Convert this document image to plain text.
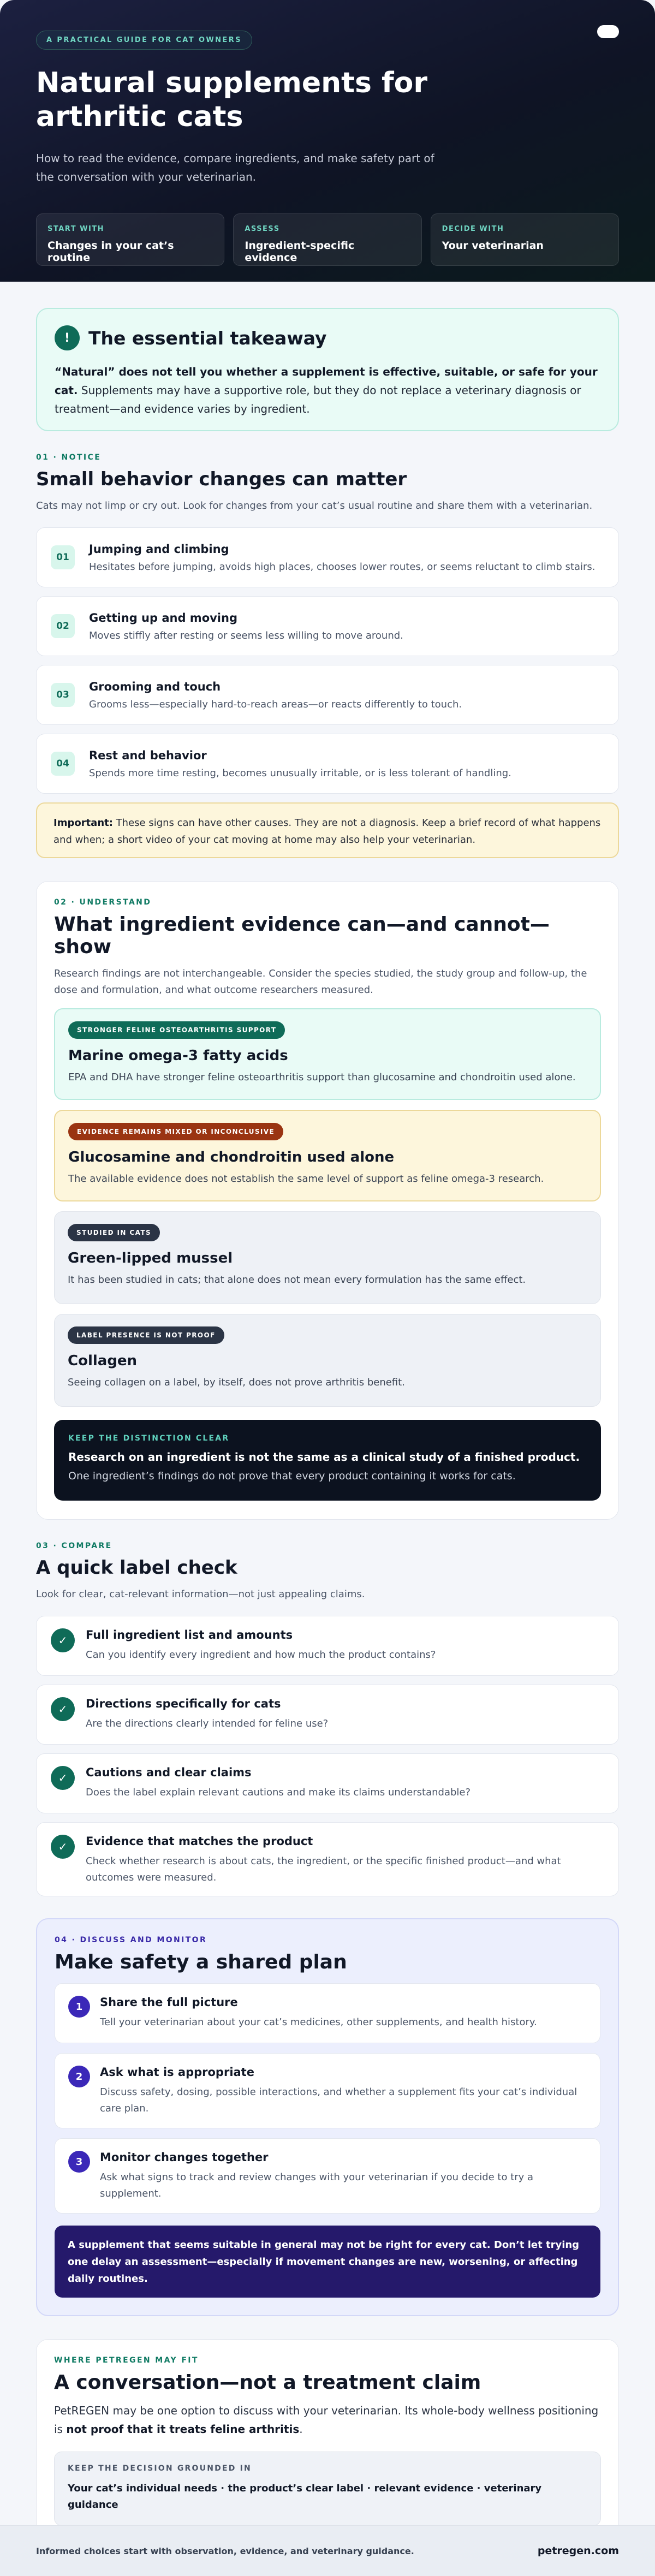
A PRACTICAL GUIDE FOR CAT OWNERS
Natural supplements for arthritic cats

How to read the evidence, compare ingredients, and make safety part of the conversation with your veterinarian.

START WITH
Changes in your cat’s routine
ASSESS
Ingredient-specific evidence
DECIDE WITH
Your veterinarian
!	The essential takeaway

“Natural” does not tell you whether a supplement is effective, suitable, or safe for your cat. Supplements may have a supportive role, but they do not replace a veterinary diagnosis or treatment—and evidence varies by ingredient.

01 · NOTICE
Small behavior changes can matter

Cats may not limp or cry out. Look for changes from your cat’s usual routine and share them with a veterinarian.

01
Jumping and climbing
Hesitates before jumping, avoids high places, chooses lower routes, or seems reluctant to climb stairs.
02
Getting up and moving
Moves stiffly after resting or seems less willing to move around.
03
Grooming and touch
Grooms less—especially hard-to-reach areas—or reacts differently to touch.
04
Rest and behavior
Spends more time resting, becomes unusually irritable, or is less tolerant of handling.
Important: These signs can have other causes. They are not a diagnosis. Keep a brief record of what happens and when; a short video of your cat moving at home may also help your veterinarian.
02 · UNDERSTAND
What ingredient evidence can—and cannot—show

Research findings are not interchangeable. Consider the species studied, the study group and follow-up, the dose and formulation, and what outcome researchers measured.

STRONGER FELINE OSTEOARTHRITIS SUPPORT
Marine omega-3 fatty acids
EPA and DHA have stronger feline osteoarthritis support than glucosamine and chondroitin used alone.
EVIDENCE REMAINS MIXED OR INCONCLUSIVE
Glucosamine and chondroitin used alone
The available evidence does not establish the same level of support as feline omega-3 research.
STUDIED IN CATS
Green-lipped mussel
It has been studied in cats; that alone does not mean every formulation has the same effect.
LABEL PRESENCE IS NOT PROOF
Collagen
Seeing collagen on a label, by itself, does not prove arthritis benefit.
KEEP THE DISTINCTION CLEAR
Research on an ingredient is not the same as a clinical study of a finished product.
One ingredient’s findings do not prove that every product containing it works for cats.
03 · COMPARE
A quick label check

Look for clear, cat-relevant information—not just appealing claims.

✓	Full ingredient list and amounts
Can you identify every ingredient and how much the product contains?
✓	Directions specifically for cats
Are the directions clearly intended for feline use?
✓	Cautions and clear claims
Does the label explain relevant cautions and make its claims understandable?
✓	Evidence that matches the product
Check whether research is about cats, the ingredient, or the specific finished product—and what outcomes were measured.
04 · DISCUSS AND MONITOR
Make safety a shared plan
1	Share the full picture
Tell your veterinarian about your cat’s medicines, other supplements, and health history.
2	Ask what is appropriate
Discuss safety, dosing, possible interactions, and whether a supplement fits your cat’s individual care plan.
3	Monitor changes together
Ask what signs to track and review changes with your veterinarian if you decide to try a supplement.
A supplement that seems suitable in general may not be right for every cat. Don’t let trying one delay an assessment—especially if movement changes are new, worsening, or affecting daily routines.
WHERE PETREGEN MAY FIT
A conversation—not a treatment claim

PetREGEN may be one option to discuss with your veterinarian. Its whole-body wellness positioning is not proof that it treats feline arthritis.

KEEP THE DECISION GROUNDED IN
Your cat’s individual needs · the product’s clear label · relevant evidence · veterinary guidance
Informed choices start with observation, evidence, and veterinary guidance.	petregen.com
